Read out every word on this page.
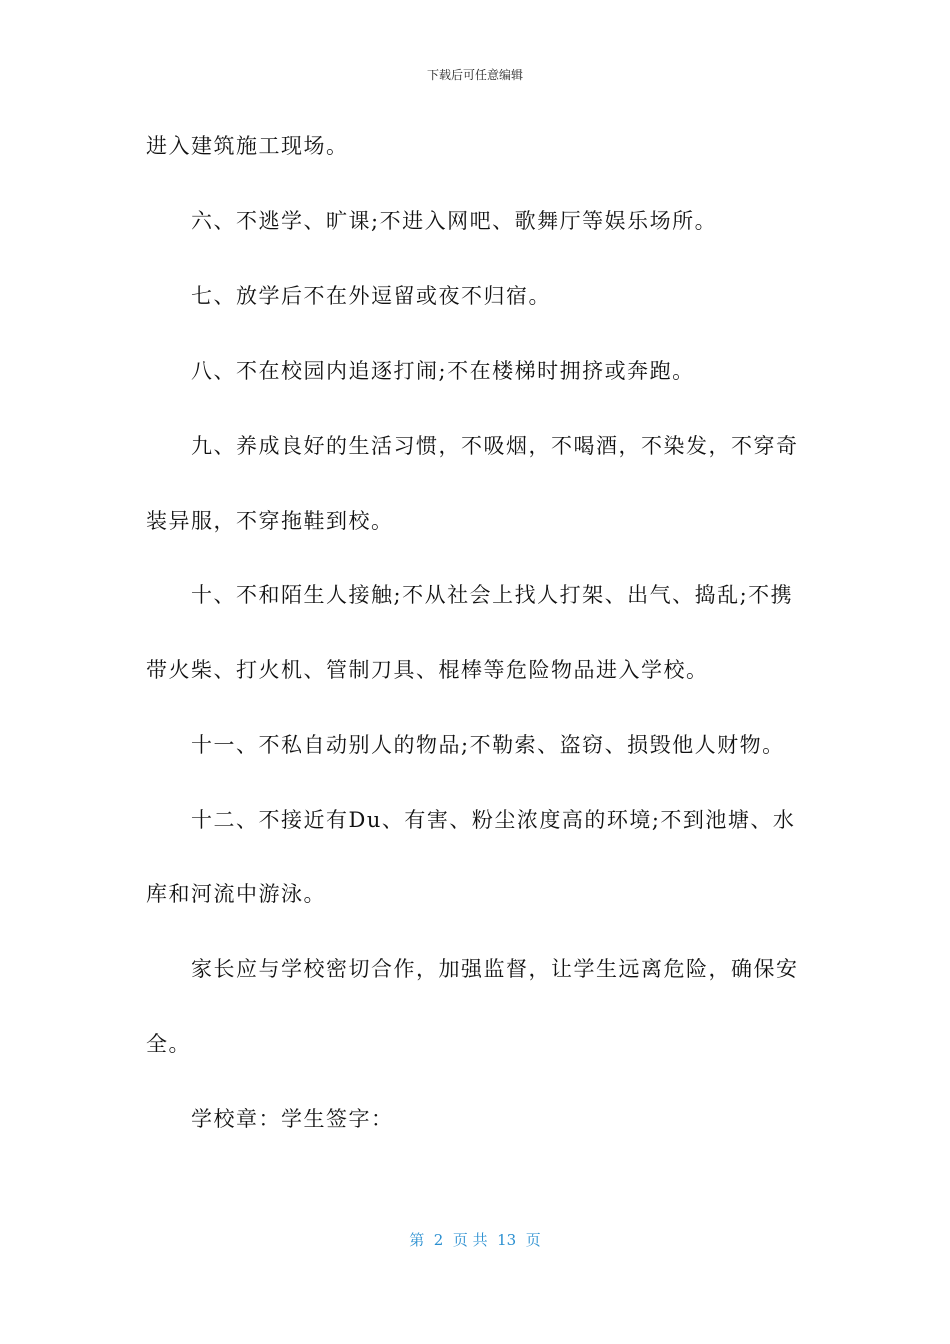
下载后可任意编辑
进入建筑施工现场。
六、不逃学、旷课;不进入网吧、歌舞厅等娱乐场所。
七、放学后不在外逗留或夜不归宿。
八、不在校园内追逐打闹;不在楼梯时拥挤或奔跑。
九、养成良好的生活习惯，不吸烟，不喝酒，不染发，不穿奇
装异服，不穿拖鞋到校。
十、不和陌生人接触;不从社会上找人打架、出气、捣乱;不携
带火柴、打火机、管制刀具、棍棒等危险物品进入学校。
十一、不私自动别人的物品;不勒索、盗窃、损毁他人财物。
十二、不接近有Du、有害、粉尘浓度高的环境;不到池塘、水
库和河流中游泳。
家长应与学校密切合作，加强监督，让学生远离危险，确保安
全。
学校章：学生签字：
第  2  页 共  13  页
